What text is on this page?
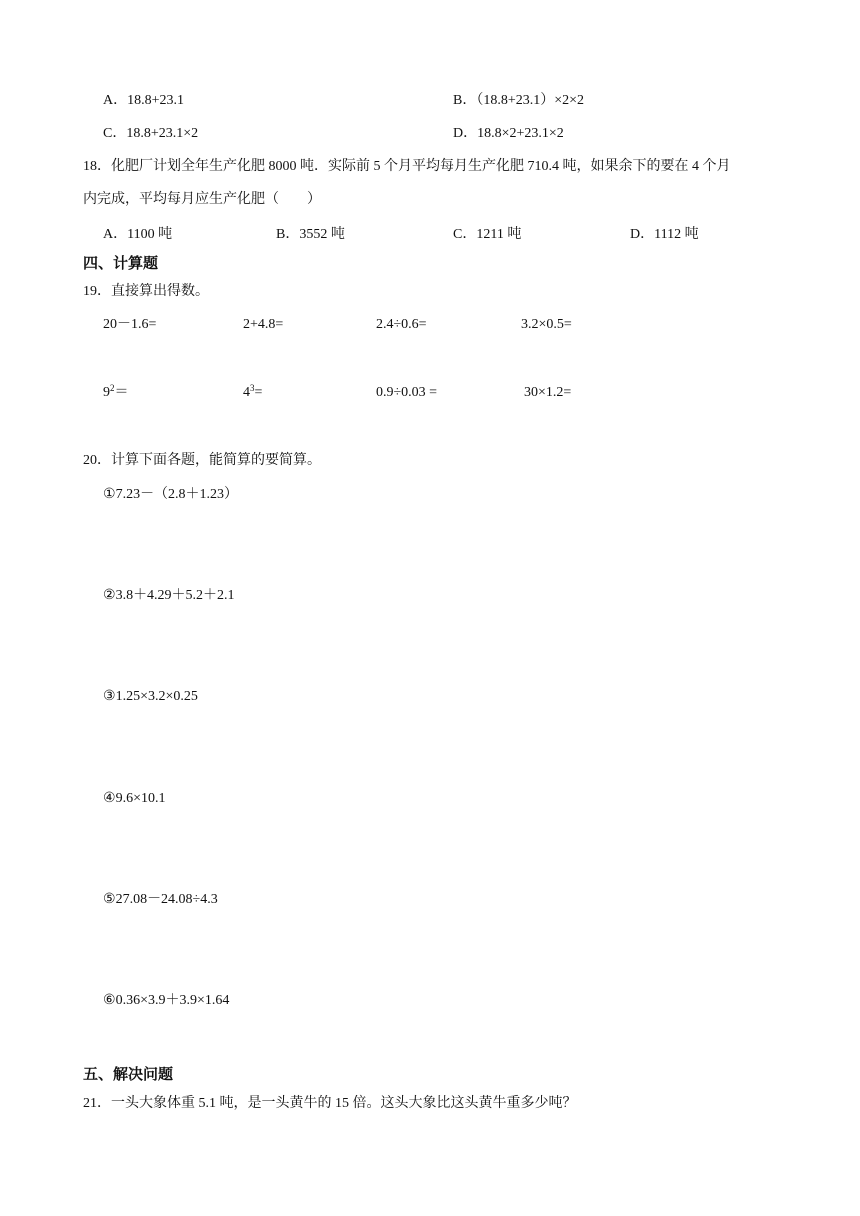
A．18.8+23.1	B．（18.8+23.1）×2×2
C．18.8+23.1×2	D．18.8×2+23.1×2
18．化肥厂计划全年生产化肥 8000 吨．实际前 5 个月平均每月生产化肥 710.4 吨，如果余下的要在 4 个月
内完成，平均每月应生产化肥（　　）
A．1100 吨	B．3552 吨	C．1211 吨	D．1112 吨
四、计算题
19．直接算出得数。
20－1.6=	2+4.8=	2.4÷0.6=	3.2×0.5=
$9^2=$	$4^3=$	0.9÷0.03 =	30×1.2=
20．计算下面各题，能简算的要简算。
①7.23－（2.8＋1.23）
②3.8＋4.29＋5.2＋2.1
③1.25×3.2×0.25
④9.6×10.1
⑤27.08－24.08÷4.3
⑥0.36×3.9＋3.9×1.64
五、解决问题
21．一头大象体重 5.1 吨，是一头黄牛的 15 倍。这头大象比这头黄牛重多少吨？
